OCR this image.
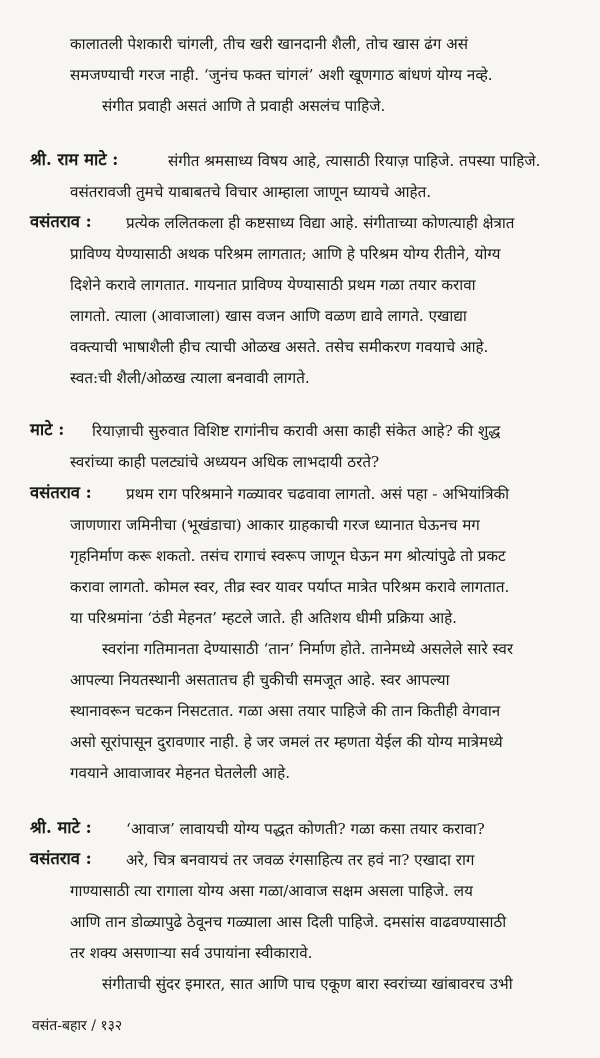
कालातली पेशकारी चांगली, तीच खरी खानदानी शैली, तोच खास ढंग असं
समजण्याची गरज नाही. ‘जुनंच फक्त चांगलं’ अशी खूणगाठ बांधणं योग्य नव्हे.
संगीत प्रवाही असतं आणि ते प्रवाही असलंच पाहिजे.
श्री. राम माटे :	संगीत श्रमसाध्य विषय आहे, त्यासाठी रियाज़ पाहिजे. तपस्या पाहिजे.
वसंतरावजी तुमचे याबाबतचे विचार आम्हाला जाणून घ्यायचे आहेत.
वसंतराव : प्रत्येक ललितकला ही कष्टसाध्य विद्या आहे. संगीताच्या कोणत्याही क्षेत्रात
प्राविण्य येण्यासाठी अथक परिश्रम लागतात; आणि हे परिश्रम योग्य रीतीने, योग्य
दिशेने करावे लागतात. गायनात प्राविण्य येण्यासाठी प्रथम गळा तयार करावा
लागतो. त्याला (आवाजाला) खास वजन आणि वळण द्यावे लागते. एखाद्या
वक्त्याची भाषाशैली हीच त्याची ओळख असते. तसेच समीकरण गवयाचे आहे.
स्वत:ची शैली/ओळख त्याला बनवावी लागते.
माटे : रियाज़ाची सुरुवात विशिष्ट रागांनीच करावी असा काही संकेत आहे? की शुद्ध
स्वरांच्या काही पलट्यांचे अध्ययन अधिक लाभदायी ठरते?
वसंतराव : प्रथम राग परिश्रमाने गळ्यावर चढवावा लागतो. असं पहा - अभियांत्रिकी
जाणणारा जमिनीचा (भूखंडाचा) आकार ग्राहकाची गरज ध्यानात घेऊनच मग
गृहनिर्माण करू शकतो. तसंच रागाचं स्वरूप जाणून घेऊन मग श्रोत्यांपुढे तो प्रकट
करावा लागतो. कोमल स्वर, तीव्र स्वर यावर पर्याप्त मात्रेत परिश्रम करावे लागतात.
या परिश्रमांना ‘ठंडी मेहनत’ म्हटले जाते. ही अतिशय धीमी प्रक्रिया आहे.
स्वरांना गतिमानता देण्यासाठी ‘तान’ निर्माण होते. तानेमध्ये असलेले सारे स्वर
आपल्या नियतस्थानी असतातच ही चुकीची समजूत आहे. स्वर आपल्या
स्थानावरून चटकन निसटतात. गळा असा तयार पाहिजे की तान कितीही वेगवान
असो सूरांपासून दुरावणार नाही. हे जर जमलं तर म्हणता येईल की योग्य मात्रेमध्ये
गवयाने आवाजावर मेहनत घेतलेली आहे.
श्री. माटे : ‘आवाज’ लावायची योग्य पद्धत कोणती? गळा कसा तयार करावा?
वसंतराव : अरे, चित्र बनवायचं तर जवळ रंगसाहित्य तर हवं ना? एखादा राग
गाण्यासाठी त्या रागाला योग्य असा गळा/आवाज सक्षम असला पाहिजे. लय
आणि तान डोळ्यापुढे ठेवूनच गळ्याला आस दिली पाहिजे. दमसांस वाढवण्यासाठी
तर शक्य असणाऱ्या सर्व उपायांना स्वीकारावे.
संगीताची सुंदर इमारत, सात आणि पाच एकूण बारा स्वरांच्या खांबावरच उभी
वसंत-बहार / १३२
